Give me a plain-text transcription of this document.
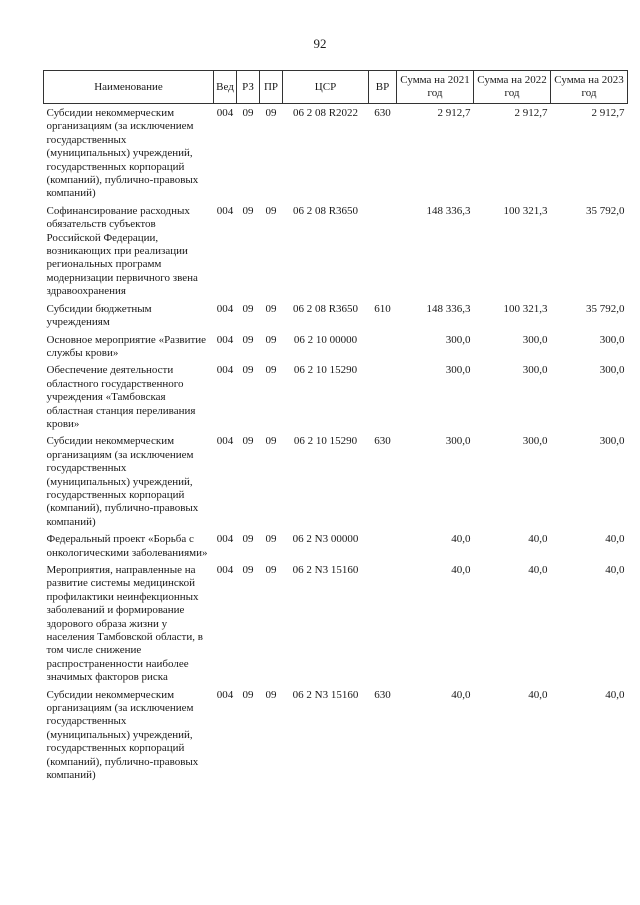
92
Наименование	Вед	РЗ	ПР	ЦСР	ВР	Сумма на 2021 год	Сумма на 2022 год	Сумма на 2023 год
Субсидии некоммерческим организациям (за исключением государственных (муниципальных) учреждений, государственных корпораций (компаний), публично-правовых компаний)	004	09	09	06 2 08 R2022	630	2 912,7	2 912,7	2 912,7
Софинансирование расходных обязательств субъектов Российской Федерации, возникающих при реализации региональных программ модернизации первичного звена здравоохранения	004	09	09	06 2 08 R3650		148 336,3	100 321,3	35 792,0
Субсидии бюджетным учреждениям	004	09	09	06 2 08 R3650	610	148 336,3	100 321,3	35 792,0
Основное мероприятие «Развитие службы крови»	004	09	09	06 2 10 00000		300,0	300,0	300,0
Обеспечение деятельности областного государственного учреждения «Тамбовская областная станция переливания крови»	004	09	09	06 2 10 15290		300,0	300,0	300,0
Субсидии некоммерческим организациям (за исключением государственных (муниципальных) учреждений, государственных корпораций (компаний), публично-правовых компаний)	004	09	09	06 2 10 15290	630	300,0	300,0	300,0
Федеральный проект «Борьба с онкологическими заболеваниями»	004	09	09	06 2 N3 00000		40,0	40,0	40,0
Мероприятия, направленные на развитие системы медицинской профилактики неинфекционных заболеваний и формирование здорового образа жизни у населения Тамбовской области, в том числе снижение распространенности наиболее значимых факторов риска	004	09	09	06 2 N3 15160		40,0	40,0	40,0
Субсидии некоммерческим организациям (за исключением государственных (муниципальных) учреждений, государственных корпораций (компаний), публично-правовых компаний)	004	09	09	06 2 N3 15160	630	40,0	40,0	40,0
